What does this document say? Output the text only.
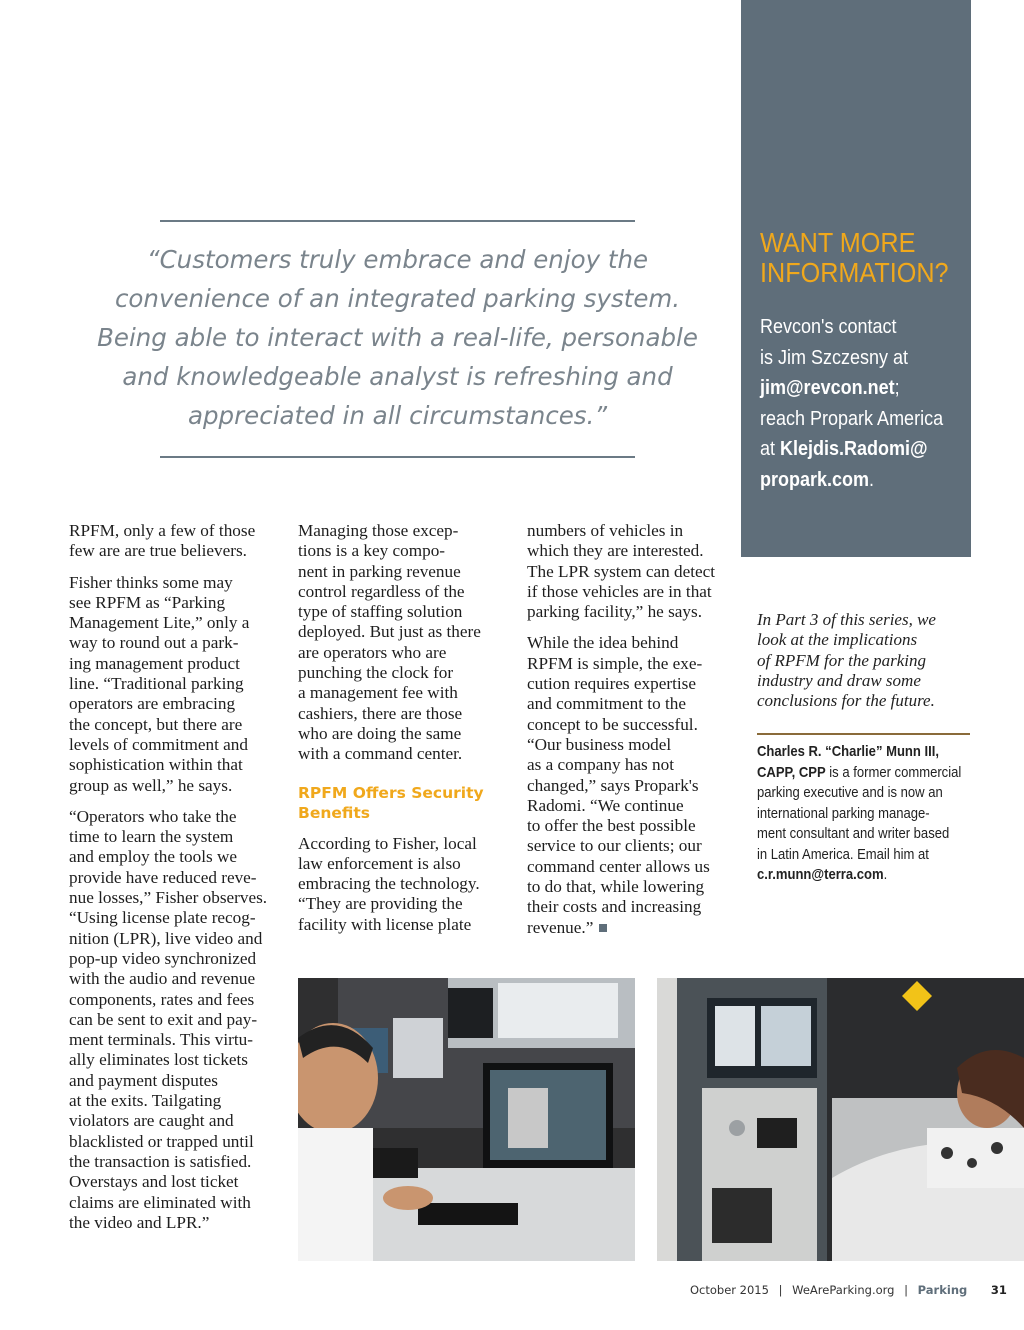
“Customers truly embrace and enjoy the
convenience of an integrated parking system.
Being able to interact with a real-life, personable
and knowledgeable analyst is refreshing and
appreciated in all circumstances.”
WANT MORE
INFORMATION?
Revcon's contact
is Jim Szczesny at
jim@revcon.net;
reach Propark America
at Klejdis.Radomi@
propark.com.

RPFM, only a few of those
few are are true believers.

Fisher thinks some may
see RPFM as “Parking
Management Lite,” only a
way to round out a park-
ing management product
line. “Traditional parking
operators are embracing
the concept, but there are
levels of commitment and
sophistication within that
group as well,” he says.

“Operators who take the
time to learn the system
and employ the tools we
provide have reduced reve-
nue losses,” Fisher observes.
“Using license plate recog-
nition (LPR), live video and
pop-up video synchronized
with the audio and revenue
components, rates and fees
can be sent to exit and pay-
ment terminals. This virtu-
ally eliminates lost tickets
and payment disputes
at the exits. Tailgating
violators are caught and
blacklisted or trapped until
the transaction is satisfied.
Overstays and lost ticket
claims are eliminated with
the video and LPR.”

Managing those excep-
tions is a key compo-
nent in parking revenue
control regardless of the
type of staffing solution
deployed. But just as there
are operators who are
punching the clock for
a management fee with
cashiers, there are those
who are doing the same
with a command center.

RPFM Offers Security
Benefits

According to Fisher, local
law enforcement is also
embracing the technology.
“They are providing the
facility with license plate

numbers of vehicles in
which they are interested.
The LPR system can detect
if those vehicles are in that
parking facility,” he says.

While the idea behind
RPFM is simple, the exe-
cution requires expertise
and commitment to the
concept to be successful.
“Our business model
as a company has not
changed,” says Propark's
Radomi. “We continue
to offer the best possible
service to our clients; our
command center allows us
to do that, while lowering
their costs and increasing
revenue.”

In Part 3 of this series, we
look at the implications
of RPFM for the parking
industry and draw some
conclusions for the future.
Charles R. “Charlie” Munn III,
CAPP, CPP is a former commercial
parking executive and is now an
international parking manage-
ment consultant and writer based
in Latin America. Email him at
c.r.munn@terra.com.
October 2015 | WeAreParking.org | Parking 31
